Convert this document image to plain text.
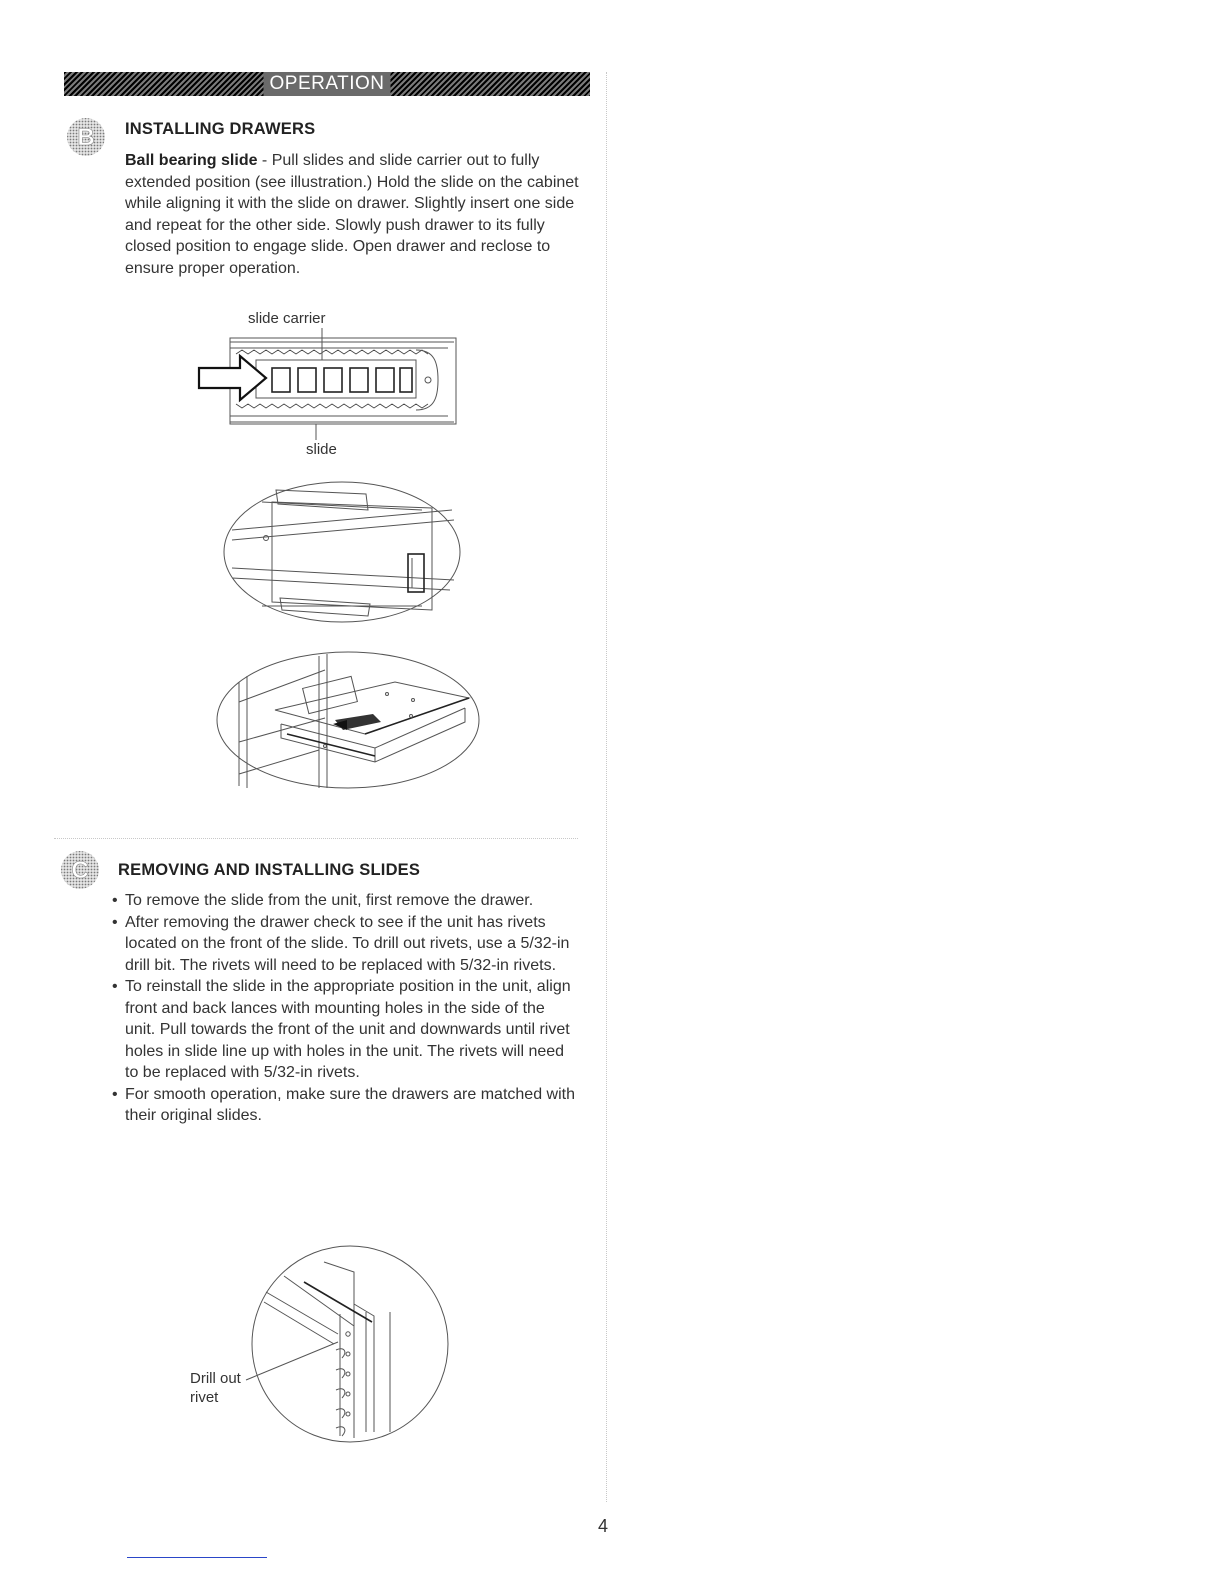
OPERATION
B INSTALLING DRAWERS
Ball bearing slide - Pull slides and slide carrier out to fully extended position (see illustration.) Hold the slide on the cabinet while aligning it with the slide on drawer. Slightly insert one side and repeat for the other side. Slowly push drawer to its fully closed position to engage slide. Open drawer and reclose to ensure proper operation.
slide carrier
slide
C REMOVING AND INSTALLING SLIDES
• To remove the slide from the unit, first remove the drawer.
• After removing the drawer check to see if the unit has rivets located on the front of the slide. To drill out rivets, use a 5/32-in drill bit. The rivets will need to be replaced with 5/32-in rivets.
• To reinstall the slide in the appropriate position in the unit, align front and back lances with mounting holes in the side of the unit. Pull towards the front of the unit and downwards until rivet holes in slide line up with holes in the unit. The rivets will need to be replaced with 5/32-in rivets.
• For smooth operation, make sure the drawers are matched with their original slides.
Drill out
rivet
4
